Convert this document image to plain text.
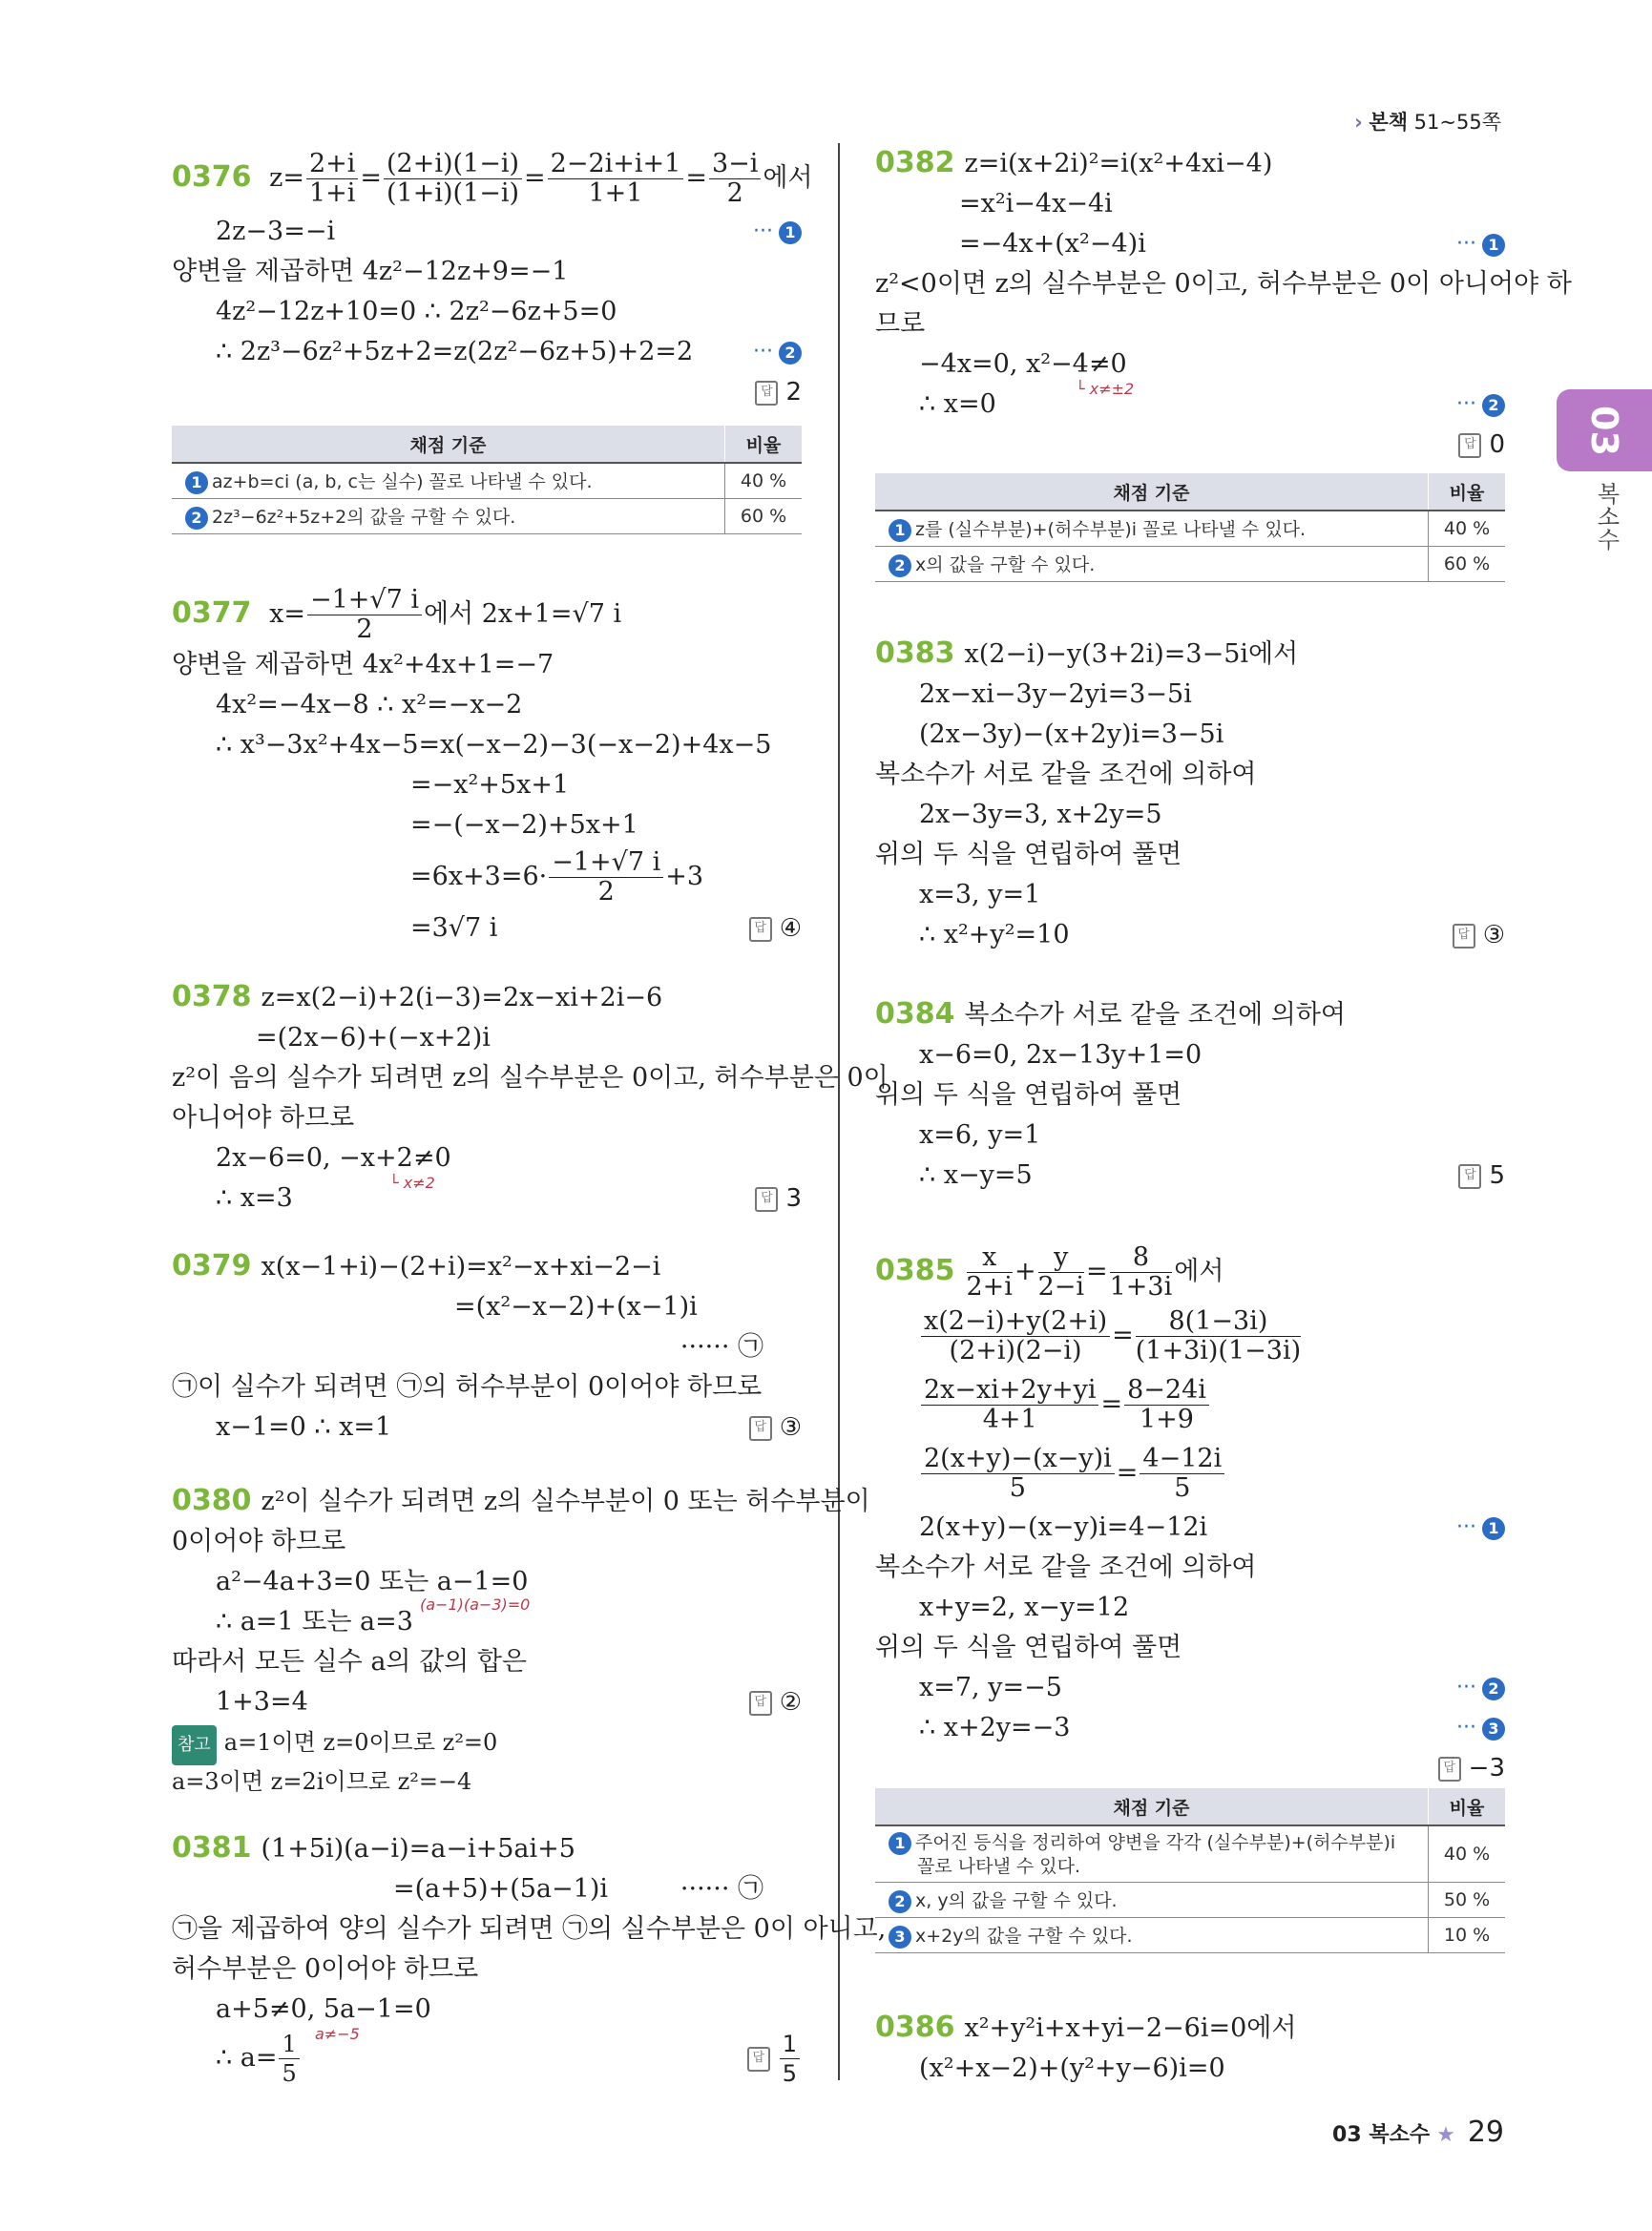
› 본책 51~55쪽
03
복소수
0376 $z= \frac{2+i}{1+i} = \frac{(2+i)(1-i)}{(1+i)(1-i)} = \frac{2-2i+i+1}{1+1} = \frac{3-i}{2}$ 에서
2z−3=−i	··· 1
양변을 제곱하면 4z²−12z+9=−1
4z²−12z+10=0 ∴ 2z²−6z+5=0
∴ 2z³−6z²+5z+2=z(2z²−6z+5)+2=2	··· 2
답 2
채점 기준	비율
1 az+b=ci (a, b, c는 실수) 꼴로 나타낼 수 있다.	40 %
2 2z³−6z²+5z+2의 값을 구할 수 있다.	60 %
0377 $x= \frac{-1+√7 i}{2}$ 에서 2x+1=√7 i
양변을 제곱하면 4x²+4x+1=−7
4x²=−4x−8 ∴ x²=−x−2
∴ x³−3x²+4x−5=x(−x−2)−3(−x−2)+4x−5
=−x²+5x+1
=−(−x−2)+5x+1
$=6x+3=6\cdot \frac{-1+√7 i}{2} +3$
=3√7 i	답 ④
0378 z=x(2−i)+2(i−3)=2x−xi+2i−6
=(2x−6)+(−x+2)i
z²이 음의 실수가 되려면 z의 실수부분은 0이고, 허수부분은 0이
아니어야 하므로
2x−6=0, −x+2≠0
└ x≠2
∴ x=3	답 3
0379 x(x−1+i)−(2+i)=x²−x+xi−2−i
=(x²−x−2)+(x−1)i
······ ㉠
㉠이 실수가 되려면 ㉠의 허수부분이 0이어야 하므로
x−1=0 ∴ x=1	답 ③
0380 z²이 실수가 되려면 z의 실수부분이 0 또는 허수부분이
0이어야 하므로
a²−4a+3=0 또는 a−1=0
(a−1)(a−3)=0
∴ a=1 또는 a=3
따라서 모든 실수 a의 값의 합은
1+3=4	답 ②
참고 a=1이면 z=0이므로 z²=0
a=3이면 z=2i이므로 z²=−4
0381 (1+5i)(a−i)=a−i+5ai+5
=(a+5)+(5a−1)i	······ ㉠
㉠을 제곱하여 양의 실수가 되려면 ㉠의 실수부분은 0이 아니고,
허수부분은 0이어야 하므로
a+5≠0, 5a−1=0
a≠−5
∴ $a= \frac{1}{5}$	답 $\frac{1}{5}$
0382 z=i(x+2i)²=i(x²+4xi−4)
=x²i−4x−4i
=−4x+(x²−4)i	··· 1
z²<0이면 z의 실수부분은 0이고, 허수부분은 0이 아니어야 하
므로
−4x=0, x²−4≠0
└ x≠±2
∴ x=0	··· 2
답 0
채점 기준	비율
1 z를 (실수부분)+(허수부분)i 꼴로 나타낼 수 있다.	40 %
2 x의 값을 구할 수 있다.	60 %
0383 x(2−i)−y(3+2i)=3−5i에서
2x−xi−3y−2yi=3−5i
(2x−3y)−(x+2y)i=3−5i
복소수가 서로 같을 조건에 의하여
2x−3y=3, x+2y=5
위의 두 식을 연립하여 풀면
x=3, y=1
∴ x²+y²=10	답 ③
0384 복소수가 서로 같을 조건에 의하여
x−6=0, 2x−13y+1=0
위의 두 식을 연립하여 풀면
x=6, y=1
∴ x−y=5	답 5
$0385 \frac{x}{2+i} + \frac{y}{2-i} = \frac{8}{1+3i}$ 에서
$\frac{x(2-i)+y(2+i)}{(2+i)(2-i)} = \frac{8(1-3i)}{(1+3i)(1-3i)}$
$\frac{2x-xi+2y+yi}{4+1} = \frac{8-24i}{1+9}$
$\frac{2(x+y)-(x-y)i}{5} = \frac{4-12i}{5}$
2(x+y)−(x−y)i=4−12i	··· 1
복소수가 서로 같을 조건에 의하여
x+y=2, x−y=12
위의 두 식을 연립하여 풀면
x=7, y=−5	··· 2
∴ x+2y=−3	··· 3
답 −3
채점 기준	비율
1 주어진 등식을 정리하여 양변을 각각 (실수부분)+(허수부분)i
꼴로 나타낼 수 있다.	40 %
2 x, y의 값을 구할 수 있다.	50 %
3 x+2y의 값을 구할 수 있다.	10 %
0386 x²+y²i+x+yi−2−6i=0에서
(x²+x−2)+(y²+y−6)i=0
03 복소수 ★ 29
